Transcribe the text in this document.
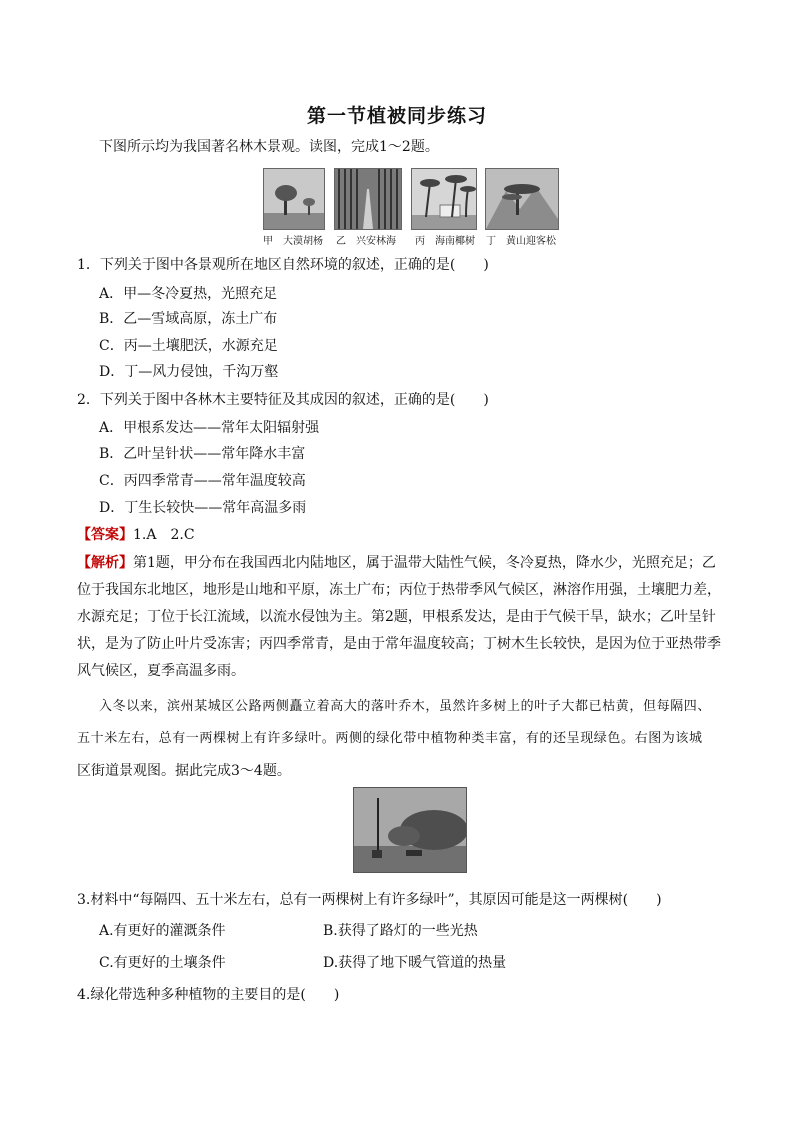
第一节植被同步练习
下图所示均为我国著名林木景观。读图，完成1～2题。
甲　大漠胡杨 乙　兴安林海 丙　海南椰树 丁　黄山迎客松
1．下列关于图中各景观所在地区自然环境的叙述，正确的是(　　)
A．甲—冬冷夏热，光照充足
B．乙—雪域高原，冻土广布
C．丙—土壤肥沃，水源充足
D．丁—风力侵蚀，千沟万壑
2．下列关于图中各林木主要特征及其成因的叙述，正确的是(　　)
A．甲根系发达——常年太阳辐射强
B．乙叶呈针状——常年降水丰富
C．丙四季常青——常年温度较高
D．丁生长较快——常年高温多雨
【答案】1.A　2.C
【解析】第1题，甲分布在我国西北内陆地区，属于温带大陆性气候，冬冷夏热，降水少，光照充足；乙
位于我国东北地区，地形是山地和平原，冻土广布；丙位于热带季风气候区，淋溶作用强，土壤肥力差，
水源充足；丁位于长江流域，以流水侵蚀为主。第2题，甲根系发达，是由于气候干旱，缺水；乙叶呈针
状，是为了防止叶片受冻害；丙四季常青，是由于常年温度较高；丁树木生长较快，是因为位于亚热带季
风气候区，夏季高温多雨。
入冬以来，滨州某城区公路两侧矗立着高大的落叶乔木，虽然许多树上的叶子大都已枯黄，但每隔四、
五十米左右，总有一两棵树上有许多绿叶。两侧的绿化带中植物种类丰富，有的还呈现绿色。右图为该城
区街道景观图。据此完成3～4题。
3.材料中“每隔四、五十米左右，总有一两棵树上有许多绿叶”，其原因可能是这一两棵树(　　)
A.有更好的灌溉条件	B.获得了路灯的一些光热
C.有更好的土壤条件	D.获得了地下暖气管道的热量
4.绿化带选种多种植物的主要目的是(　　)
